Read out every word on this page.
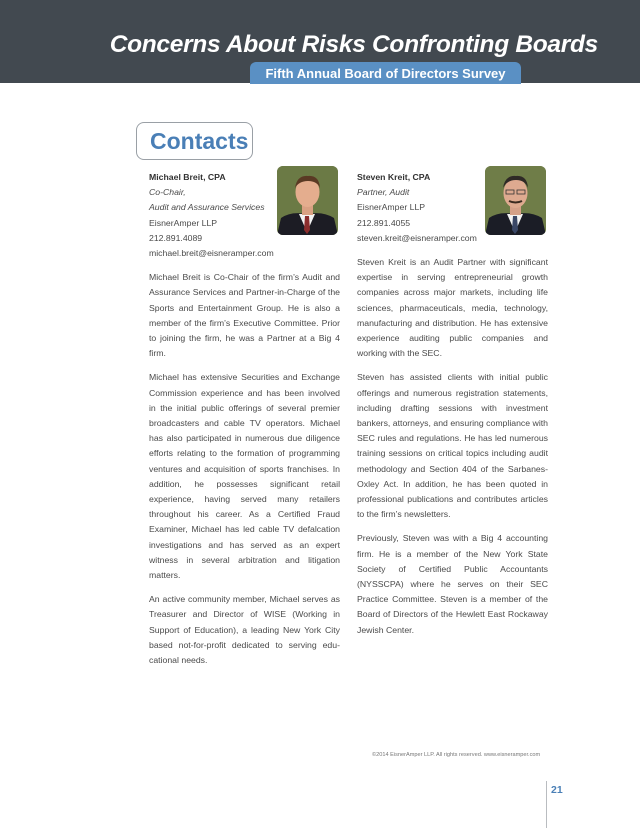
Concerns About Risks Confronting Boards
Fifth Annual Board of Directors Survey
Contacts
Michael Breit, CPA
Co-Chair,
Audit and Assurance Services
EisnerAmper LLP
212.891.4089
michael.breit@eisneramper.com

Michael Breit is Co-Chair of the firm’s Audit and Assurance Services and Partner-in-Charge of the Sports and Entertainment Group. He is also a member of the firm’s Executive Committee. Prior to joining the firm, he was a Partner at a Big 4 firm.

Michael has extensive Securities and Exchange Commission experience and has been involved in the initial public offerings of several premier broadcasters and cable TV operators. Michael has also participated in numerous due diligence efforts relating to the formation of programming ventures and acquisition of sports franchises. In addition, he possesses significant retail experience, having served many retailers throughout his career. As a Certified Fraud Examiner, Michael has led cable TV defalcation investigations and has served as an expert witness in several arbitration and litigation matters.

An active community member, Michael serves as Treasurer and Director of WISE (Working in Support of Education), a leading New York City based not-for-profit dedicated to serving edu-cational needs.

Steven Kreit, CPA
Partner, Audit
EisnerAmper LLP
212.891.4055
steven.kreit@eisneramper.com

Steven Kreit is an Audit Partner with significant expertise in serving entrepreneurial growth companies across major markets, including life sciences, pharmaceuticals, media, technology, manufacturing and distribution. He has extensive experience auditing public companies and working with the SEC.

Steven has assisted clients with initial public offerings and numerous registration statements, including drafting sessions with investment bankers, attorneys, and ensuring compliance with SEC rules and regulations. He has led numerous training sessions on critical topics including audit methodology and Section 404 of the Sarbanes-Oxley Act. In addition, he has been quoted in professional publications and contributes articles to the firm’s newsletters.

Previously, Steven was with a Big 4 accounting firm. He is a member of the New York State Society of Certified Public Accountants (NYSSCPA) where he serves on their SEC Practice Committee. Steven is a member of the Board of Directors of the Hewlett East Rockaway Jewish Center.

©2014 EisnerAmper LLP. All rights reserved. www.eisneramper.com
21
